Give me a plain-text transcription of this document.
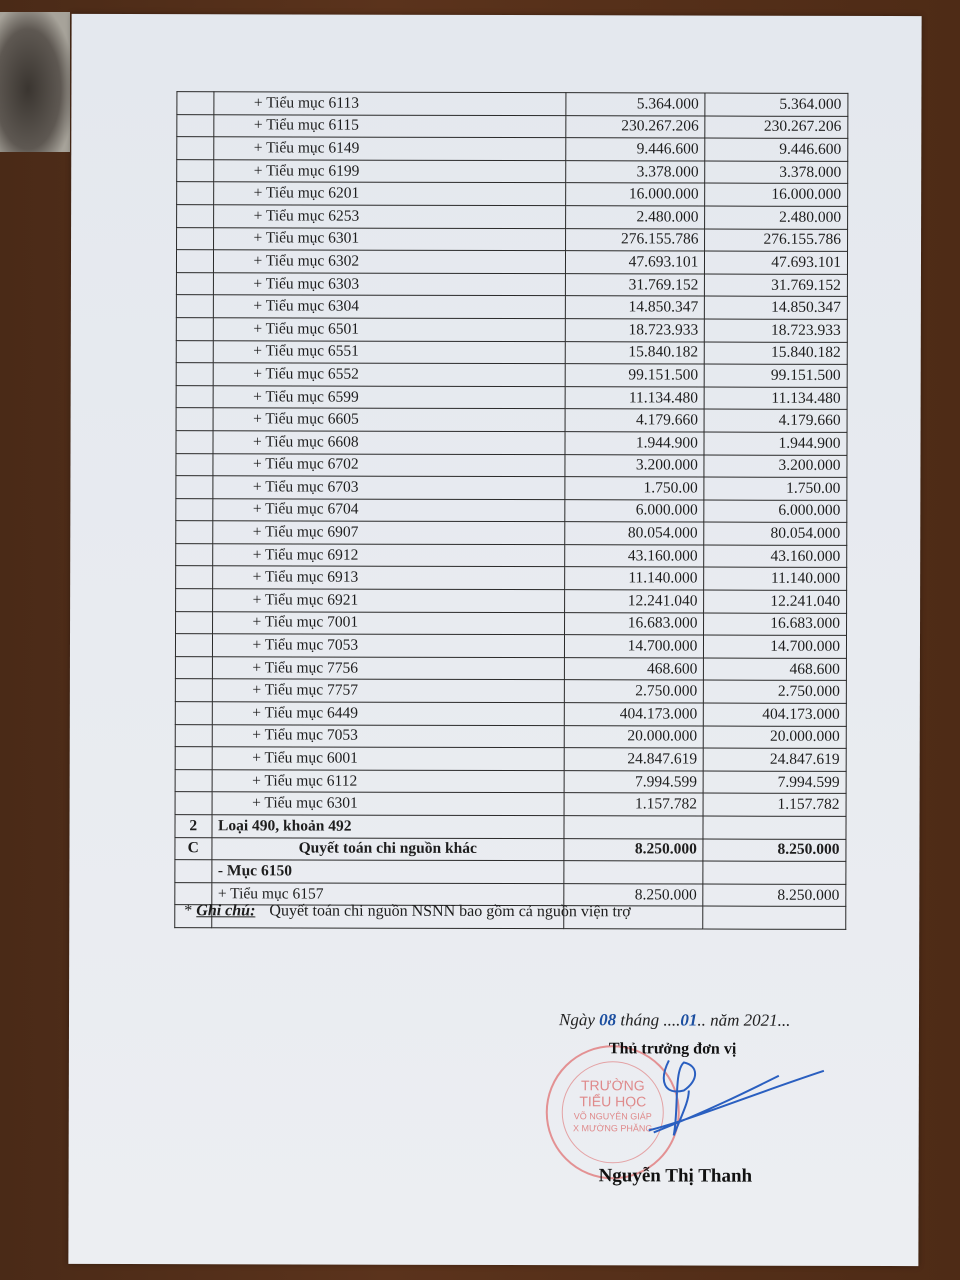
	+ Tiểu mục 6113	5.364.000	5.364.000
	+ Tiểu mục 6115	230.267.206	230.267.206
	+ Tiểu mục 6149	9.446.600	9.446.600
	+ Tiểu mục 6199	3.378.000	3.378.000
	+ Tiểu mục 6201	16.000.000	16.000.000
	+ Tiểu mục 6253	2.480.000	2.480.000
	+ Tiểu mục 6301	276.155.786	276.155.786
	+ Tiểu mục 6302	47.693.101	47.693.101
	+ Tiểu mục 6303	31.769.152	31.769.152
	+ Tiểu mục 6304	14.850.347	14.850.347
	+ Tiểu mục 6501	18.723.933	18.723.933
	+ Tiểu mục 6551	15.840.182	15.840.182
	+ Tiểu mục 6552	99.151.500	99.151.500
	+ Tiểu mục 6599	11.134.480	11.134.480
	+ Tiểu mục 6605	4.179.660	4.179.660
	+ Tiểu mục 6608	1.944.900	1.944.900
	+ Tiểu mục 6702	3.200.000	3.200.000
	+ Tiểu mục 6703	1.750.00	1.750.00
	+ Tiểu mục 6704	6.000.000	6.000.000
	+ Tiểu mục 6907	80.054.000	80.054.000
	+ Tiểu mục 6912	43.160.000	43.160.000
	+ Tiểu mục 6913	11.140.000	11.140.000
	+ Tiểu mục 6921	12.241.040	12.241.040
	+ Tiểu mục 7001	16.683.000	16.683.000
	+ Tiểu mục 7053	14.700.000	14.700.000
	+ Tiểu mục 7756	468.600	468.600
	+ Tiểu mục 7757	2.750.000	2.750.000
	+ Tiểu mục 6449	404.173.000	404.173.000
	+ Tiểu mục 7053	20.000.000	20.000.000
	+ Tiểu mục 6001	24.847.619	24.847.619
	+ Tiểu mục 6112	7.994.599	7.994.599
	+ Tiểu mục 6301	1.157.782	1.157.782
2	Loại 490, khoản 492		
C	Quyết toán chi nguồn khác	8.250.000	8.250.000
	- Mục 6150		
	+ Tiểu mục 6157	8.250.000	8.250.000

* Ghi chú: Quyết toán chi nguồn NSNN bao gồm cả nguồn viện trợ
Ngày 08 tháng ....01.. năm 2021...
TRƯỜNG
TIỂU HỌC
VÕ NGUYÊN GIÁP
X MƯỜNG PHĂNG
Thủ trưởng đơn vị
Nguyễn Thị Thanh
